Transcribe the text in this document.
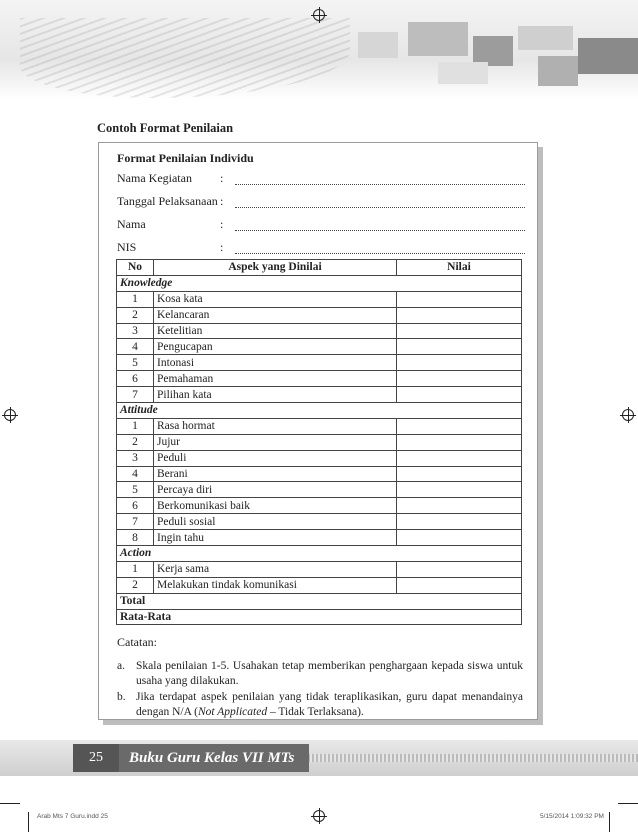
Contoh Format Penilaian
Format Penilaian Individu
Nama Kegiatan :
Tanggal Pelaksanaan :
Nama	:
NIS	:
No	Aspek yang Dinilai	Nilai
Knowledge		
1	Kosa kata	
2	Kelancaran	
3	Ketelitian	
4	Pengucapan	
5	Intonasi	
6	Pemahaman	
7	Pilihan kata	
Attitude		
1	Rasa hormat	
2	Jujur	
3	Peduli	
4	Berani	
5	Percaya diri	
6	Berkomunikasi baik	
7	Peduli sosial	
8	Ingin tahu	
Action		
1	Kerja sama	
2	Melakukan tindak komunikasi	
Total		
Rata-Rata		
Catatan:
a. Skala penilaian 1-5. Usahakan tetap memberikan penghargaan kepada siswa untuk usaha yang dilakukan.
b. Jika terdapat aspek penilaian yang tidak teraplikasikan, guru dapat menandainya dengan N/A (Not Applicated – Tidak Terlaksana).
25	Buku Guru Kelas VII MTs
Arab Mts 7 Guru.indd 25	5/15/2014 1:09:32 PM
